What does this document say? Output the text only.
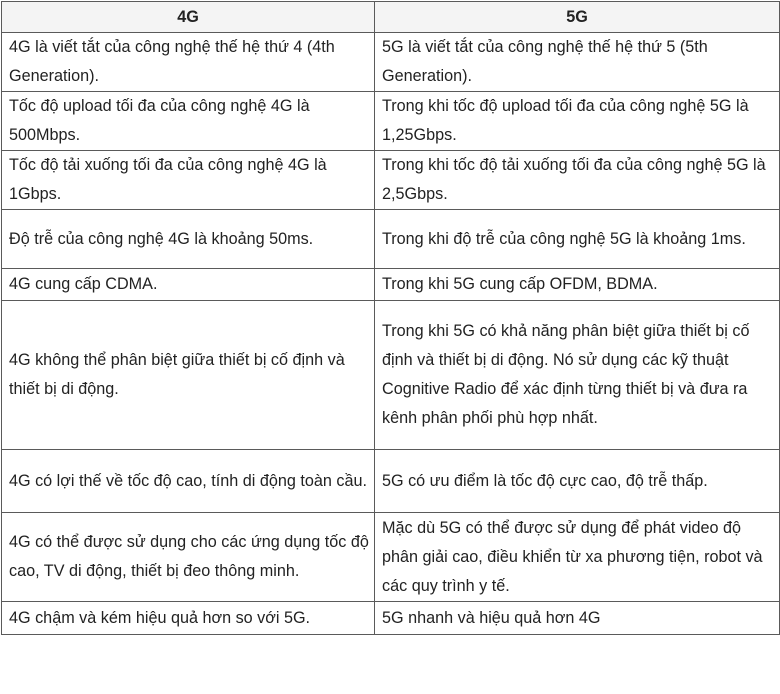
4G	5G
4G là viết tắt của công nghệ thế hệ thứ 4 (4th Generation).	5G là viết tắt của công nghệ thế hệ thứ 5 (5th Generation).
Tốc độ upload tối đa của công nghệ 4G là 500Mbps.	Trong khi tốc độ upload tối đa của công nghệ 5G là 1,25Gbps.
Tốc độ tải xuống tối đa của công nghệ 4G là 1Gbps.	Trong khi tốc độ tải xuống tối đa của công nghệ 5G là 2,5Gbps.
Độ trễ của công nghệ 4G là khoảng 50ms.	Trong khi độ trễ của công nghệ 5G là khoảng 1ms.
4G cung cấp CDMA.	Trong khi 5G cung cấp OFDM, BDMA.
4G không thể phân biệt giữa thiết bị cố định và thiết bị di động.	Trong khi 5G có khả năng phân biệt giữa thiết bị cố định và thiết bị di động. Nó sử dụng các kỹ thuật Cognitive Radio để xác định từng thiết bị và đưa ra kênh phân phối phù hợp nhất.
4G có lợi thế về tốc độ cao, tính di động toàn cầu.	5G có ưu điểm là tốc độ cực cao, độ trễ thấp.
4G có thể được sử dụng cho các ứng dụng tốc độ cao, TV di động, thiết bị đeo thông minh.	Mặc dù 5G có thể được sử dụng để phát video độ phân giải cao, điều khiển từ xa phương tiện, robot và các quy trình y tế.
4G chậm và kém hiệu quả hơn so với 5G.	5G nhanh và hiệu quả hơn 4G
